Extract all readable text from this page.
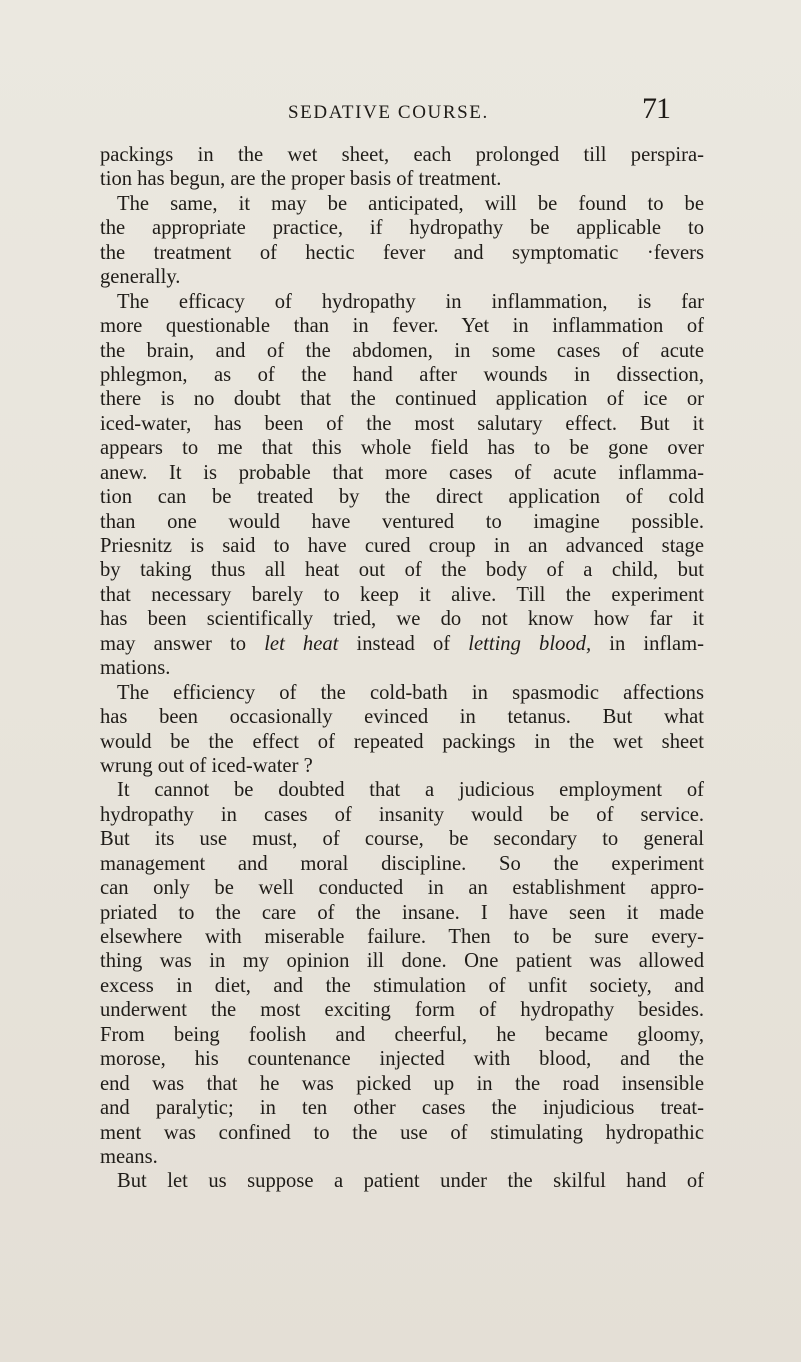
SEDATIVE COURSE.	71
packings in the wet sheet, each prolonged till perspira-
tion has begun, are the proper basis of treatment.
The same, it may be anticipated, will be found to be
the appropriate practice, if hydropathy be applicable to
the treatment of hectic fever and symptomatic ·fevers
generally.
The efficacy of hydropathy in inflammation, is far
more questionable than in fever. Yet in inflammation of
the brain, and of the abdomen, in some cases of acute
phlegmon, as of the hand after wounds in dissection,
there is no doubt that the continued application of ice or
iced-water, has been of the most salutary effect. But it
appears to me that this whole field has to be gone over
anew. It is probable that more cases of acute inflamma-
tion can be treated by the direct application of cold
than one would have ventured to imagine possible.
Priesnitz is said to have cured croup in an advanced stage
by taking thus all heat out of the body of a child, but
that necessary barely to keep it alive. Till the experiment
has been scientifically tried, we do not know how far it
may answer to let heat instead of letting blood, in inflam-
mations.
The efficiency of the cold-bath in spasmodic affections
has been occasionally evinced in tetanus. But what
would be the effect of repeated packings in the wet sheet
wrung out of iced-water ?
It cannot be doubted that a judicious employment of
hydropathy in cases of insanity would be of service.
But its use must, of course, be secondary to general
management and moral discipline. So the experiment
can only be well conducted in an establishment appro-
priated to the care of the insane. I have seen it made
elsewhere with miserable failure. Then to be sure every-
thing was in my opinion ill done. One patient was allowed
excess in diet, and the stimulation of unfit society, and
underwent the most exciting form of hydropathy besides.
From being foolish and cheerful, he became gloomy,
morose, his countenance injected with blood, and the
end was that he was picked up in the road insensible
and paralytic; in ten other cases the injudicious treat-
ment was confined to the use of stimulating hydropathic
means.
But let us suppose a patient under the skilful hand of
